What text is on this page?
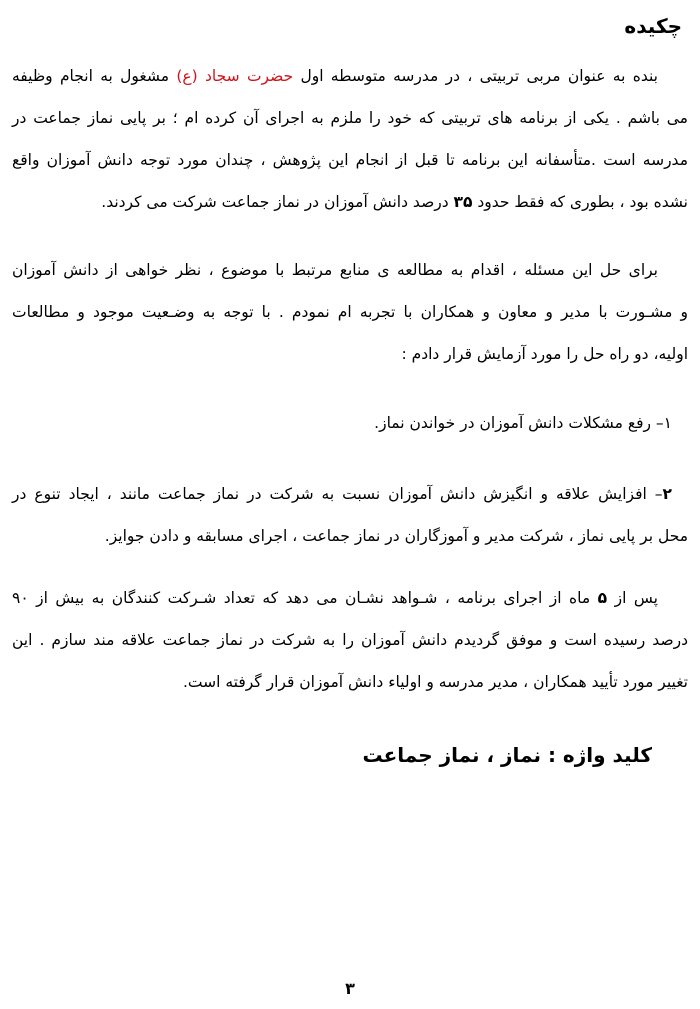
چکیده
بنده به عنوان مربی تربیتی ، در مدرسه متوسطه اول حضرت سجاد (ع) مشغول به انجام وظیفه
می باشم . یکی از برنامه های تربیتی که خود را ملزم به اجرای آن کرده ام ؛ بر پایی نماز جماعت در
مدرسه است .متأسفانه این برنامه تا قبل از انجام این پژوهش ، چندان مورد توجه دانش آموزان واقع
نشده بود ، بطوری که فقط حدود ۳۵ درصد دانش آموزان در نماز جماعت شرکت می کردند.
برای حل این مسئله ، اقدام به مطالعه ی منابع مرتبط با موضوع ، نظر خواهی از دانش آموزان
و مشـورت با مدیر و معاون و همکاران با تجربه ام نمودم . با توجه به وضـعیت موجود و مطالعات
اولیه، دو راه حل را مورد آزمایش قرار دادم :
۱– رفع مشکلات دانش آموزان در خواندن نماز.
۲– افزایش علاقه و انگیزش دانش آموزان نسبت به شرکت در نماز جماعت مانند ، ایجاد تنوع در
محل بر پایی نماز ، شرکت مدیر و آموزگاران در نماز جماعت ، اجرای مسابقه و دادن جوایز.
پس از ۵ ماه از اجرای برنامه ، شـواهد نشـان می دهد که تعداد شـرکت کنندگان به بیش از ۹۰
درصد رسیده است و موفق گردیدم دانش آموزان را به شرکت در نماز جماعت علاقه مند سازم . این
تغییر مورد تأیید همکاران ، مدیر مدرسه و اولیاء دانش آموزان قرار گرفته است.
کلید واژه : نماز ، نماز جماعت
۳
